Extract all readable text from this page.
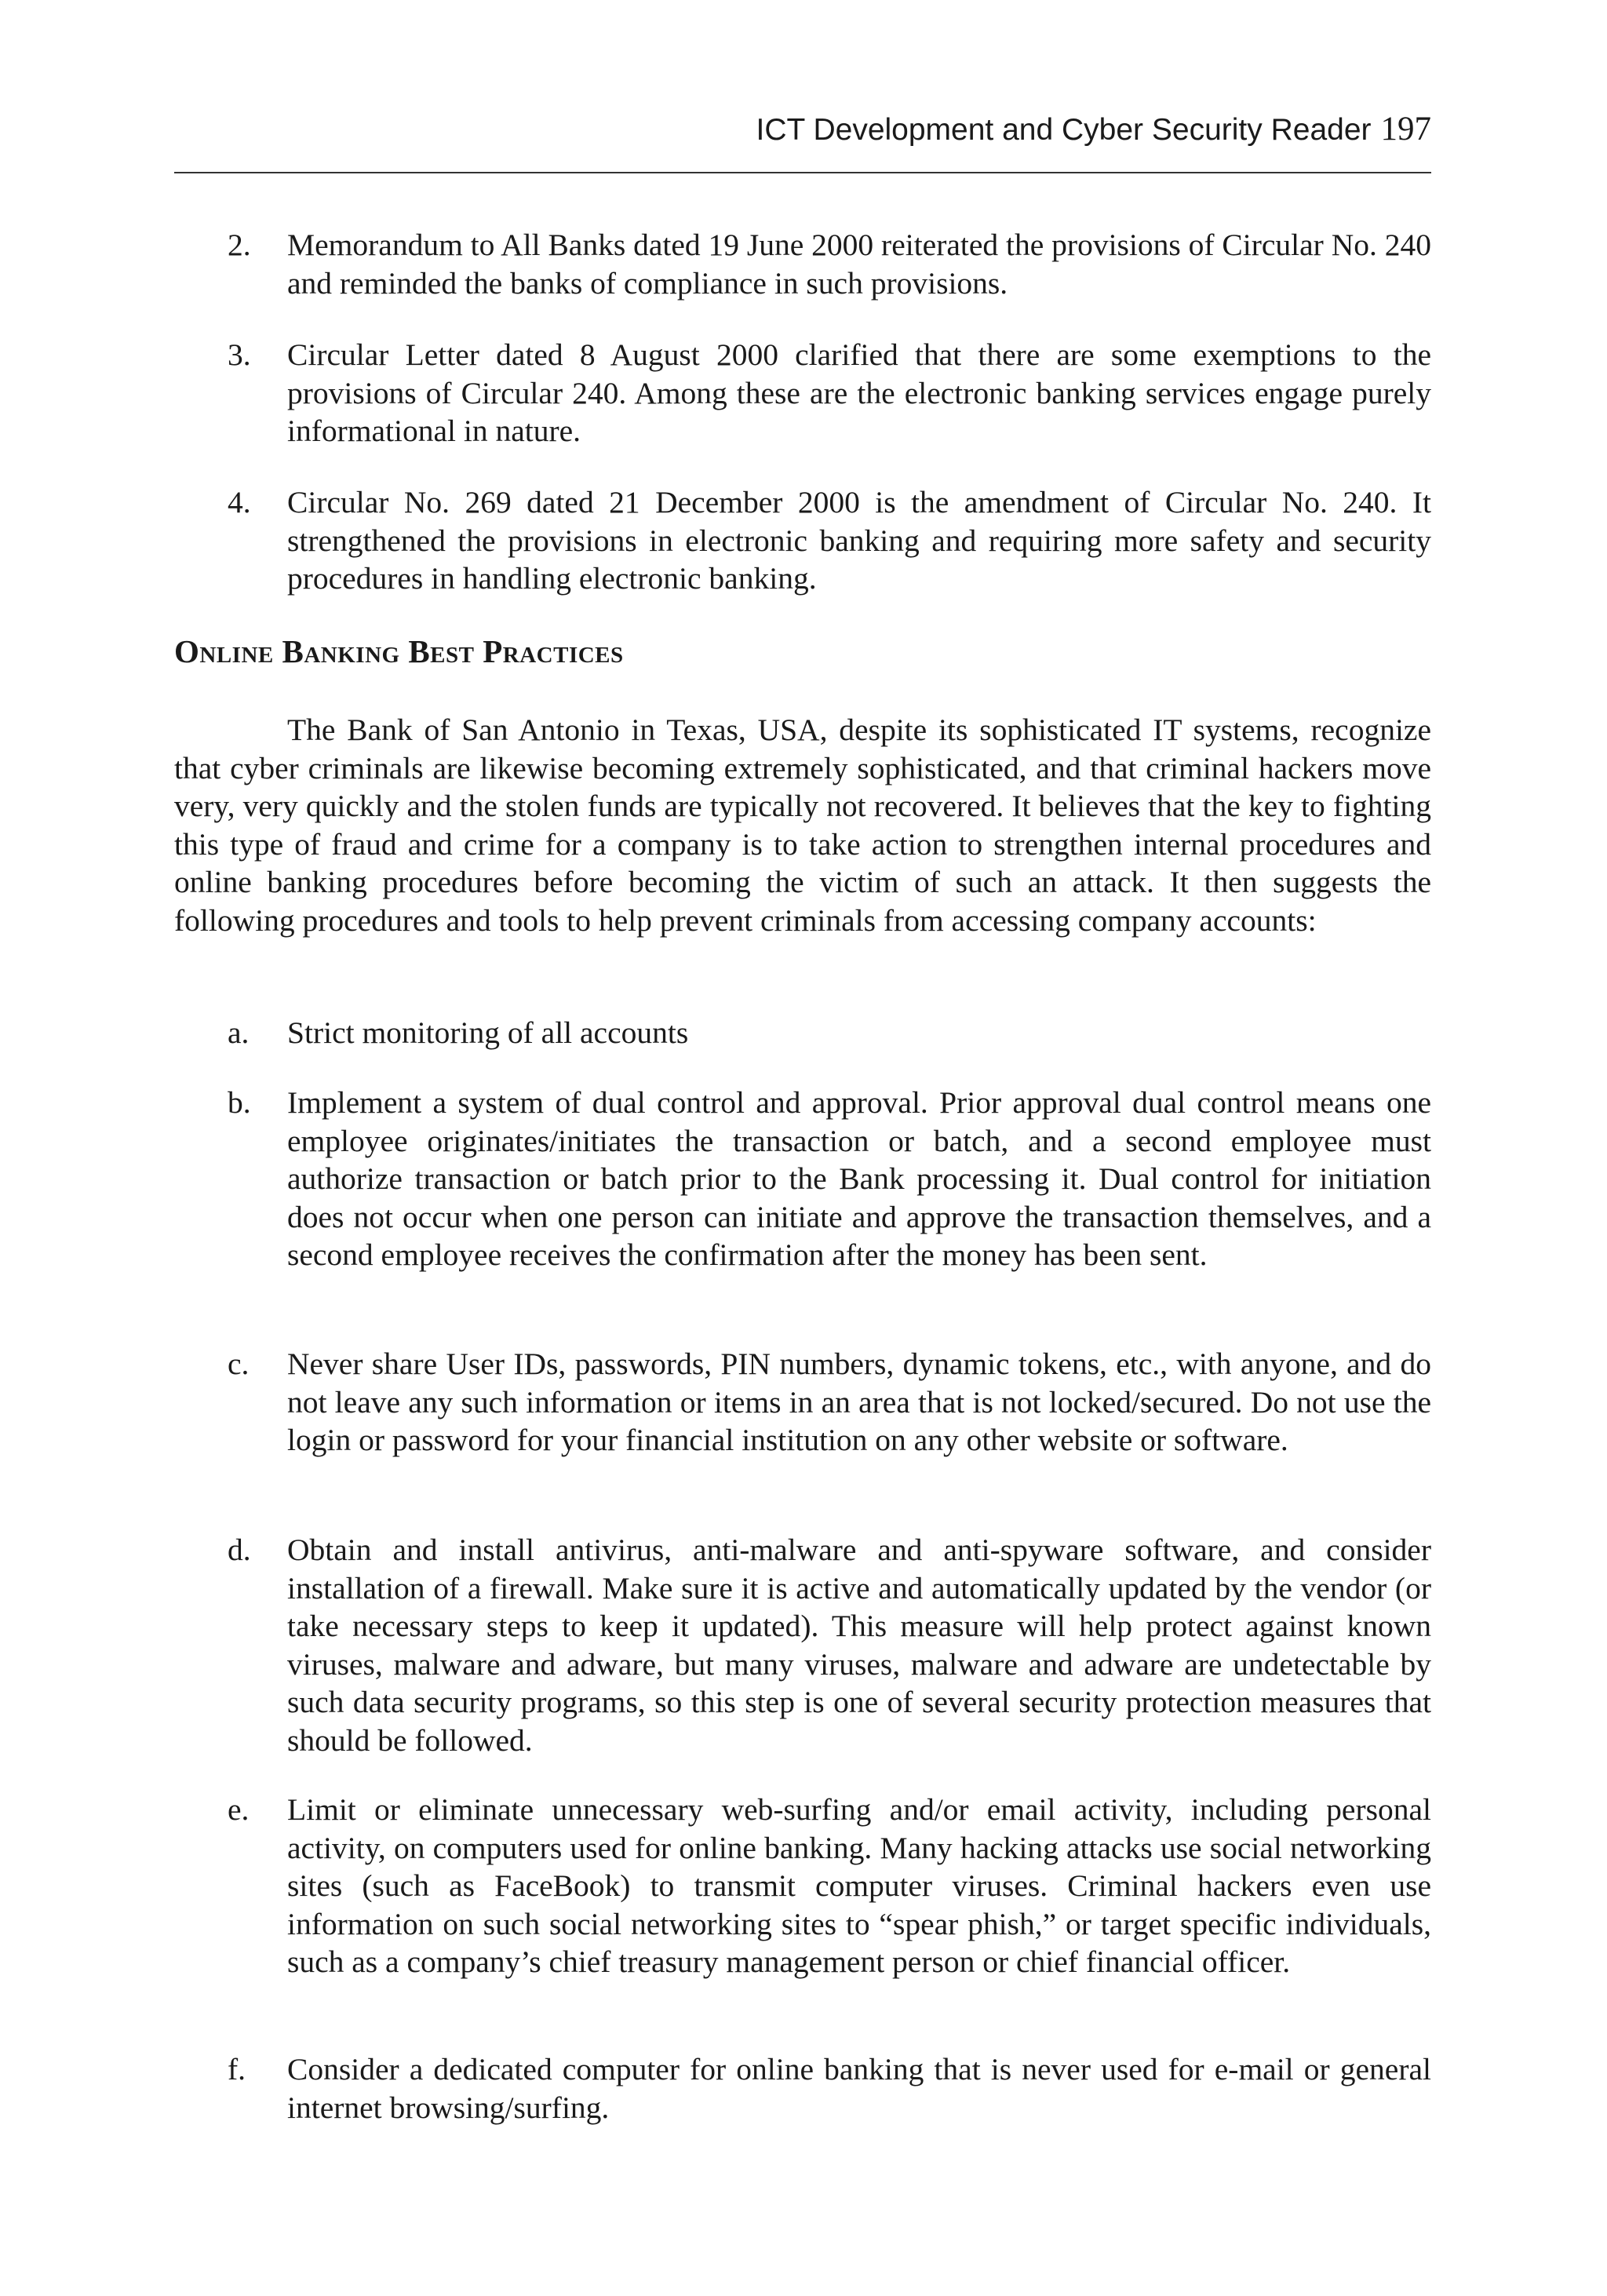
ICT Development and Cyber Security Reader 197
2.	Memorandum to All Banks dated 19 June 2000 reiterated the provisions of Circular No. 240 and reminded the banks of compliance in such provisions.
3.	Circular Letter dated 8 August 2000 clarified that there are some exemptions to the provisions of Circular 240. Among these are the electronic banking services engage purely informational in nature.
4.	Circular No. 269 dated 21 December 2000 is the amendment of Circular No. 240. It strengthened the provisions in electronic banking and requiring more safety and security procedures in handling electronic banking.
Online Banking Best Practices
The Bank of San Antonio in Texas, USA, despite its sophisticated IT systems, recognize that cyber criminals are likewise becoming extremely sophisticated, and that criminal hackers move very, very quickly and the stolen funds are typically not recovered. It believes that the key to fighting this type of fraud and crime for a company is to take action to strengthen internal procedures and online banking procedures before becoming the victim of such an attack. It then suggests the following procedures and tools to help prevent criminals from accessing company accounts:
a.	Strict monitoring of all accounts
b.	Implement a system of dual control and approval. Prior approval dual control means one employee originates/initiates the transaction or batch, and a second employee must authorize transaction or batch prior to the Bank processing it. Dual control for initiation does not occur when one person can initiate and approve the transaction themselves, and a second employee receives the confirmation after the money has been sent.
c.	Never share User IDs, passwords, PIN numbers, dynamic tokens, etc., with anyone, and do not leave any such information or items in an area that is not locked/secured. Do not use the login or password for your financial institution on any other website or software.
d.	Obtain and install antivirus, anti-malware and anti-spyware software, and consider installation of a firewall. Make sure it is active and automatically updated by the vendor (or take necessary steps to keep it updated). This measure will help protect against known viruses, malware and adware, but many viruses, malware and adware are undetectable by such data security programs, so this step is one of several security protection measures that should be followed.
e.	Limit or eliminate unnecessary web-surfing and/or email activity, including personal activity, on computers used for online banking. Many hacking attacks use social networking sites (such as FaceBook) to transmit computer viruses. Criminal hackers even use information on such social networking sites to “spear phish,” or target specific individuals, such as a company’s chief treasury management person or chief financial officer.
f.	Consider a dedicated computer for online banking that is never used for e-mail or general internet browsing/surfing.
